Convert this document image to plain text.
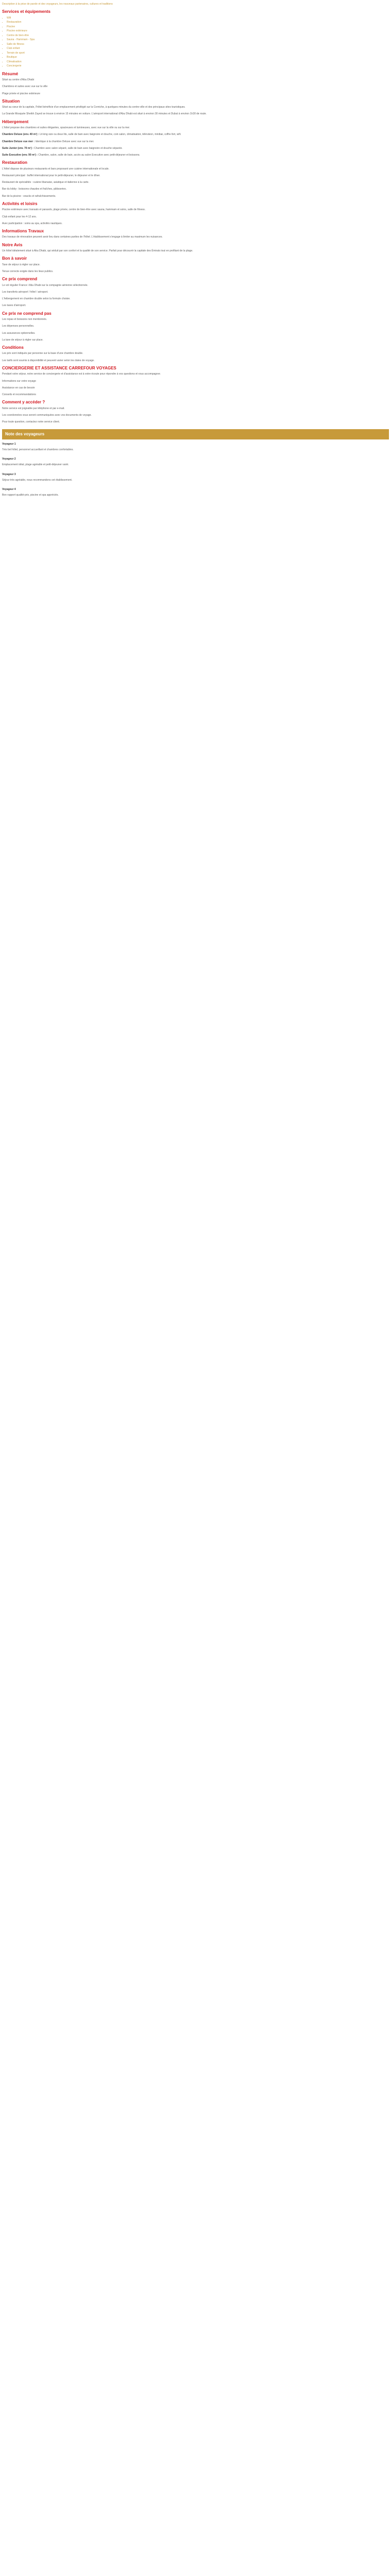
Description à la prise de parole et des voyageurs, les nouveaux partenaires, cultures et traditions

Services et équipements
• Wifi
• Restauration
• Piscine
• Piscine extérieure
• Centre de bien-être
• Sauna - Hammam - Spa
• Salle de fitness
• Club enfant
• Terrain de sport
• Boutique
• Climatisation
• Conciergerie
Résumé

Situé au centre d'Abu Dhabi

Chambres et suites avec vue sur la ville

Plage privée et piscine extérieure

Situation

Situé au cœur de la capitale, l'hôtel bénéficie d'un emplacement privilégié sur la Corniche, à quelques minutes du centre-ville et des principaux sites touristiques.

La Grande Mosquée Sheikh Zayed se trouve à environ 15 minutes en voiture. L'aéroport international d'Abu Dhabi est situé à environ 30 minutes et Dubaï à environ 1h30 de route.

Hébergement

L'hôtel propose des chambres et suites élégantes, spacieuses et lumineuses, avec vue sur la ville ou sur la mer.

Chambre Deluxe (env. 40 m²) : Lit king size ou deux lits, salle de bain avec baignoire et douche, coin salon, climatisation, télévision, minibar, coffre-fort, wifi.

Chambre Deluxe vue mer : Identique à la chambre Deluxe avec vue sur la mer.

Suite Junior (env. 70 m²) : Chambre avec salon séparé, salle de bain avec baignoire et douche séparée.

Suite Executive (env. 90 m²) : Chambre, salon, salle de bain, accès au salon Executive avec petit-déjeuner et boissons.

Restauration

L'hôtel dispose de plusieurs restaurants et bars proposant une cuisine internationale et locale.

Restaurant principal : buffet international pour le petit-déjeuner, le déjeuner et le dîner.

Restaurant de spécialités : cuisine libanaise, asiatique et italienne à la carte.

Bar du lobby : boissons chaudes et fraîches, pâtisseries.

Bar de la piscine : snacks et rafraîchissements.

Activités et loisirs

Piscine extérieure avec transats et parasols, plage privée, centre de bien-être avec sauna, hammam et soins, salle de fitness.

Club enfant pour les 4-12 ans.

Avec participation : soins au spa, activités nautiques.

Informations Travaux

Des travaux de rénovation peuvent avoir lieu dans certaines parties de l'hôtel. L'établissement s'engage à limiter au maximum les nuisances.

Notre Avis

Un hôtel idéalement situé à Abu Dhabi, qui séduit par son confort et la qualité de son service. Parfait pour découvrir la capitale des Émirats tout en profitant de la plage.

Bon à savoir

Taxe de séjour à régler sur place.

Tenue correcte exigée dans les lieux publics.

Ce prix comprend

Le vol régulier France / Abu Dhabi sur la compagnie aérienne sélectionnée.

Les transferts aéroport / hôtel / aéroport.

L'hébergement en chambre double selon la formule choisie.

Les taxes d'aéroport.

Ce prix ne comprend pas

Les repas et boissons non mentionnés.

Les dépenses personnelles.

Les assurances optionnelles.

La taxe de séjour à régler sur place.

Conditions

Les prix sont indiqués par personne sur la base d'une chambre double.

Les tarifs sont soumis à disponibilité et peuvent varier selon les dates de voyage.

CONCIERGERIE ET ASSISTANCE CARREFOUR VOYAGES

Pendant votre séjour, notre service de conciergerie et d'assistance est à votre écoute pour répondre à vos questions et vous accompagner.

Informations sur votre voyage

Assistance en cas de besoin

Conseils et recommandations

Comment y accéder ?

Notre service est joignable par téléphone et par e-mail.

Les coordonnées vous seront communiquées avec vos documents de voyage.

Pour toute question, contactez notre service client.

Note des voyageurs

Voyageur 1

Très bel hôtel, personnel accueillant et chambres confortables.

Voyageur 2

Emplacement idéal, plage agréable et petit-déjeuner varié.

Voyageur 3

Séjour très agréable, nous recommandons cet établissement.

Voyageur 4

Bon rapport qualité-prix, piscine et spa appréciés.
